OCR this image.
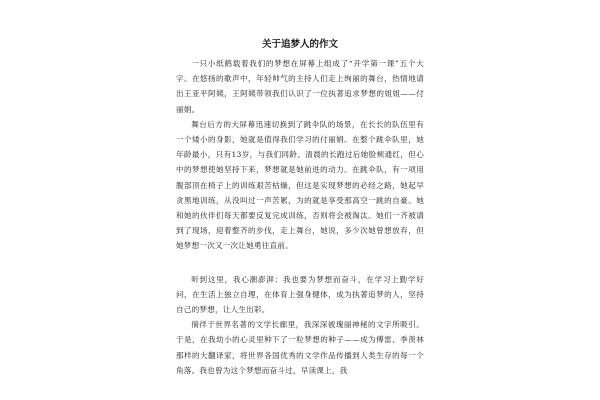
关于追梦人的作文

一只小纸鹤载着我们的梦想在屏幕上组成了“开学第一课”五个大字。在悠扬的歌声中，年轻帅气的主持人们走上绚丽的舞台，热情地请出王亚平阿姨，王阿姨带领我们认识了一位执著追求梦想的姐姐——付丽娟。

舞台后方的大屏幕迅速切换到了跳伞队的场景，在长长的队伍里有一个矮小的身影，她就是值得我们学习的付丽娟。在整个跳伞队里，她年龄最小，只有13岁，与我们同龄。清晨的长跑过后她脸颊通红，但心中的梦想使她坚持下来，梦想就是她前进的动力。在跳伞队，有一项用腹部顶在椅子上的训练艰苦枯燥，但这是实现梦想的必经之路，她起早贪黑地训练，从没叫过一声苦累，为的就是享受那高空一跳的自豪。她和她的伙伴们每天都要反复完成训练，否则将会被淘汰。她们一齐被请到了现场，迎着整齐的步伐，走上舞台，她说，多少次她曾想放弃，但她梦想一次又一次让她勇往直前。

听到这里，我心潮澎湃；我也要为梦想而奋斗，在学习上勤学好问，在生活上独立自理，在体育上强身健体，成为执著追梦的人，坚持自己的梦想，让人生出彩。

徜徉于世界名著的文学长廊里，我深深被瑰丽神秘的文字所吸引。于是，在我幼小的心灵里种下了一粒梦想的种子——成为傅雷、季羡林那样的大翻译家，将世界各国优秀的文学作品传播到人类生存的每一个角落。我也曾为这个梦想而奋斗过，早读课上，我
